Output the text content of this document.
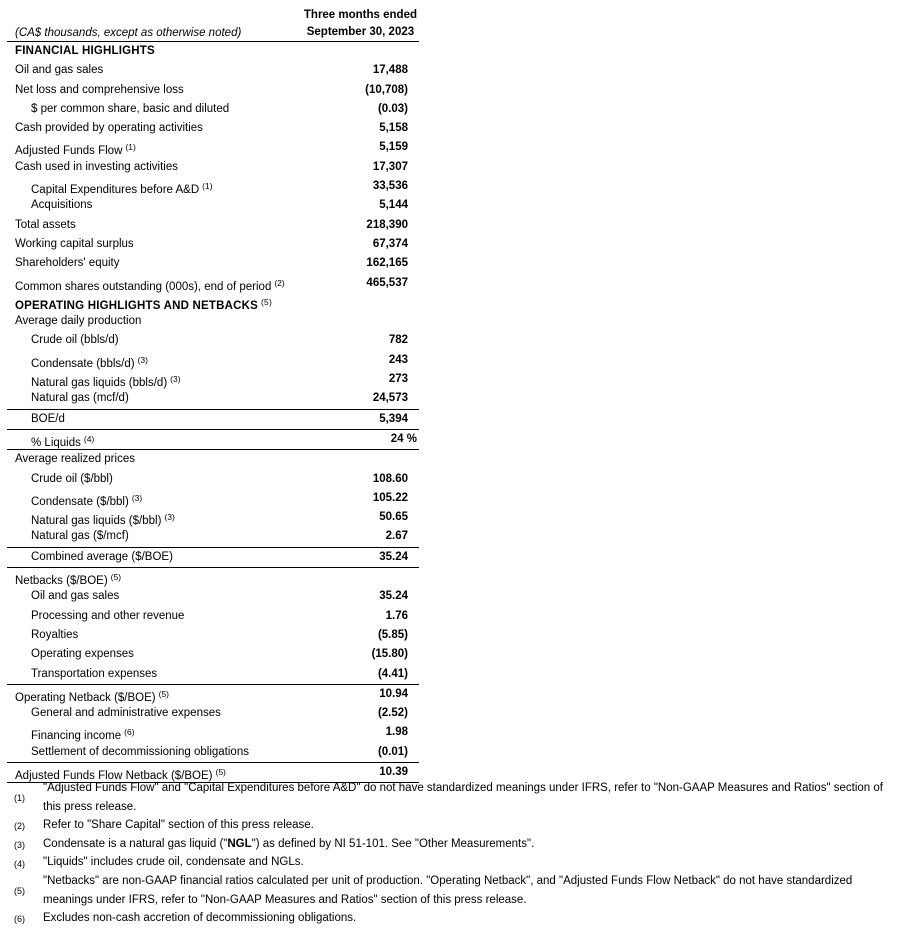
(CA$ thousands, except as otherwise noted)
Three months ended
September 30, 2023
FINANCIAL HIGHLIGHTS
Oil and gas sales	17,488
Net loss and comprehensive loss	(10,708)
$ per common share, basic and diluted	(0.03)
Cash provided by operating activities	5,158
Adjusted Funds Flow $^{(1)}$	5,159
Cash used in investing activities	17,307
Capital Expenditures before A&D $^{(1)}$	33,536
Acquisitions	5,144
Total assets	218,390
Working capital surplus	67,374
Shareholders' equity	162,165
Common shares outstanding (000s), end of period $^{(2)}$	465,537
OPERATING HIGHLIGHTS AND NETBACKS $^{(5)}$
Average daily production
Crude oil (bbls/d)	782
Condensate (bbls/d) $^{(3)}$	243
Natural gas liquids (bbls/d) $^{(3)}$	273
Natural gas (mcf/d)	24,573
BOE/d	5,394
% Liquids $^{(4)}$	24 %
Average realized prices
Crude oil ($/bbl)	108.60
Condensate ($/bbl) $^{(3)}$	105.22
Natural gas liquids ($/bbl) $^{(3)}$	50.65
Natural gas ($/mcf)	2.67
Combined average ($/BOE)	35.24
Netbacks ($/BOE) $^{(5)}$
Oil and gas sales	35.24
Processing and other revenue	1.76
Royalties	(5.85)
Operating expenses	(15.80)
Transportation expenses	(4.41)
Operating Netback ($/BOE) $^{(5)}$	10.94
General and administrative expenses	(2.52)
Financing income $^{(6)}$	1.98
Settlement of decommissioning obligations	(0.01)
Adjusted Funds Flow Netback ($/BOE) $^{(5)}$	10.39
(1)
"Adjusted Funds Flow" and "Capital Expenditures before A&D" do not have standardized meanings under IFRS, refer to "Non-GAAP Measures and Ratios" section of this press release.
(2) Refer to "Share Capital" section of this press release.
(3) Condensate is a natural gas liquid ("NGL") as defined by NI 51-101. See "Other Measurements".
(4) "Liquids" includes crude oil, condensate and NGLs.
(5)
"Netbacks" are non-GAAP financial ratios calculated per unit of production. "Operating Netback", and "Adjusted Funds Flow Netback" do not have standardized meanings under IFRS, refer to "Non-GAAP Measures and Ratios" section of this press release.
(6) Excludes non-cash accretion of decommissioning obligations.
